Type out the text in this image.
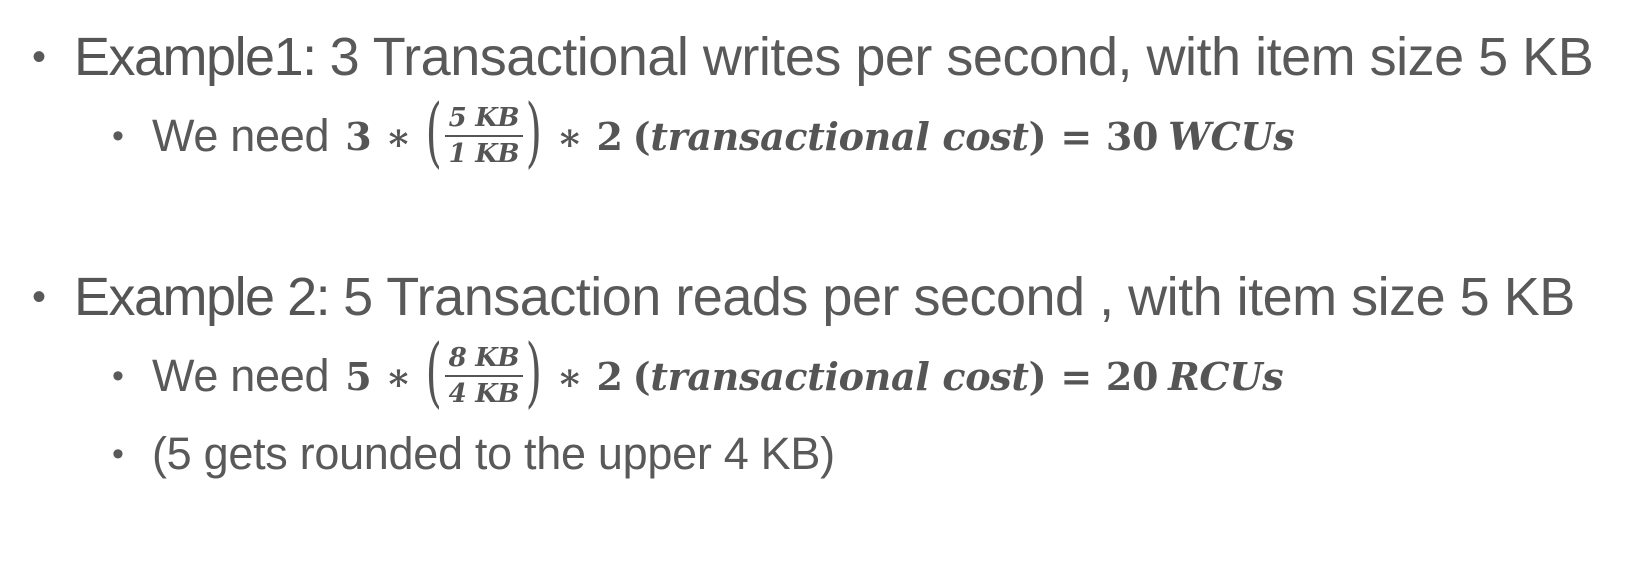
• Example1: 3 Transactional writes per second, with item size 5 KB
• We need 3 ∗ ( $\frac{5 KB}{1 KB}$ ) ∗ 2 ( transactional cost ) = 30 WCUs
• Example 2: 5 Transaction reads per second , with item size 5 KB
• We need 5 ∗ ( $\frac{8 KB}{4 KB}$ ) ∗ 2 ( transactional cost ) = 20 RCUs
• (5 gets rounded to the upper 4 KB)
